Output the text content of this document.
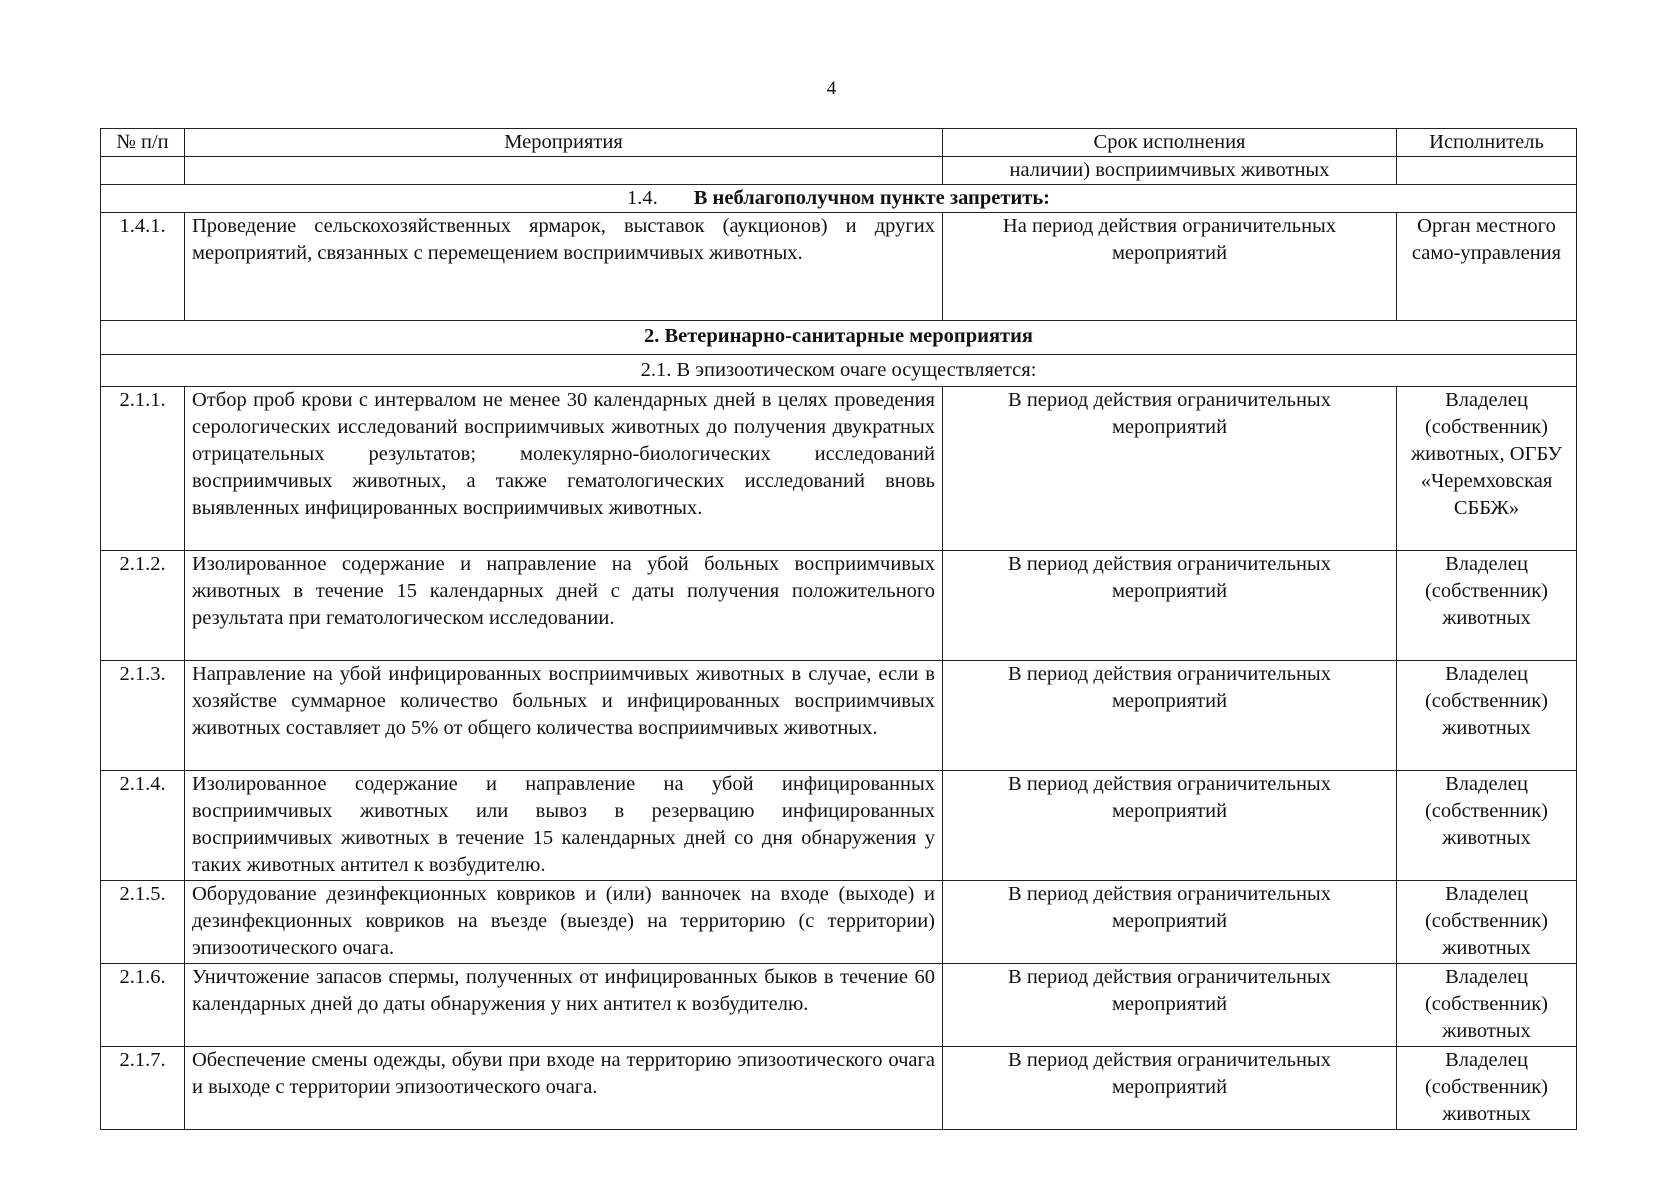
4
№ п/п	Мероприятия	Срок исполнения	Исполнитель
		наличии) восприимчивых животных	
1.4. В неблагополучном пункте запретить:			
1.4.1.	Проведение сельскохозяйственных ярмарок, выставок (аукционов) и других мероприятий, связанных с перемещением восприимчивых животных.	На период действия ограничительных мероприятий	Орган местного само-управления
2. Ветеринарно-санитарные мероприятия			
2.1. В эпизоотическом очаге осуществляется:			
2.1.1.	Отбор проб крови с интервалом не менее 30 календарных дней в целях проведения серологических исследований восприимчивых животных до получения двукратных отрицательных результатов; молекулярно-биологических исследований восприимчивых животных, а также гематологических исследований вновь выявленных инфицированных восприимчивых животных.	В период действия ограничительных мероприятий	Владелец (собственник) животных, ОГБУ «Черемховская СББЖ»
2.1.2.	Изолированное содержание и направление на убой больных восприимчивых животных в течение 15 календарных дней с даты получения положительного результата при гематологическом исследовании.	В период действия ограничительных мероприятий	Владелец (собственник) животных
2.1.3.	Направление на убой инфицированных восприимчивых животных в случае, если в хозяйстве суммарное количество больных и инфицированных восприимчивых животных составляет до 5% от общего количества восприимчивых животных.	В период действия ограничительных мероприятий	Владелец (собственник) животных
2.1.4.	Изолированное содержание и направление на убой инфицированных восприимчивых животных или вывоз в резервацию инфицированных восприимчивых животных в течение 15 календарных дней со дня обнаружения у таких животных антител к возбудителю.	В период действия ограничительных мероприятий	Владелец (собственник) животных
2.1.5.	Оборудование дезинфекционных ковриков и (или) ванночек на входе (выходе) и дезинфекционных ковриков на въезде (выезде) на территорию (с территории) эпизоотического очага.	В период действия ограничительных мероприятий	Владелец (собственник) животных
2.1.6.	Уничтожение запасов спермы, полученных от инфицированных быков в течение 60 календарных дней до даты обнаружения у них антител к возбудителю.	В период действия ограничительных мероприятий	Владелец (собственник) животных
2.1.7.	Обеспечение смены одежды, обуви при входе на территорию эпизоотического очага и выходе с территории эпизоотического очага.	В период действия ограничительных мероприятий	Владелец (собственник) животных
